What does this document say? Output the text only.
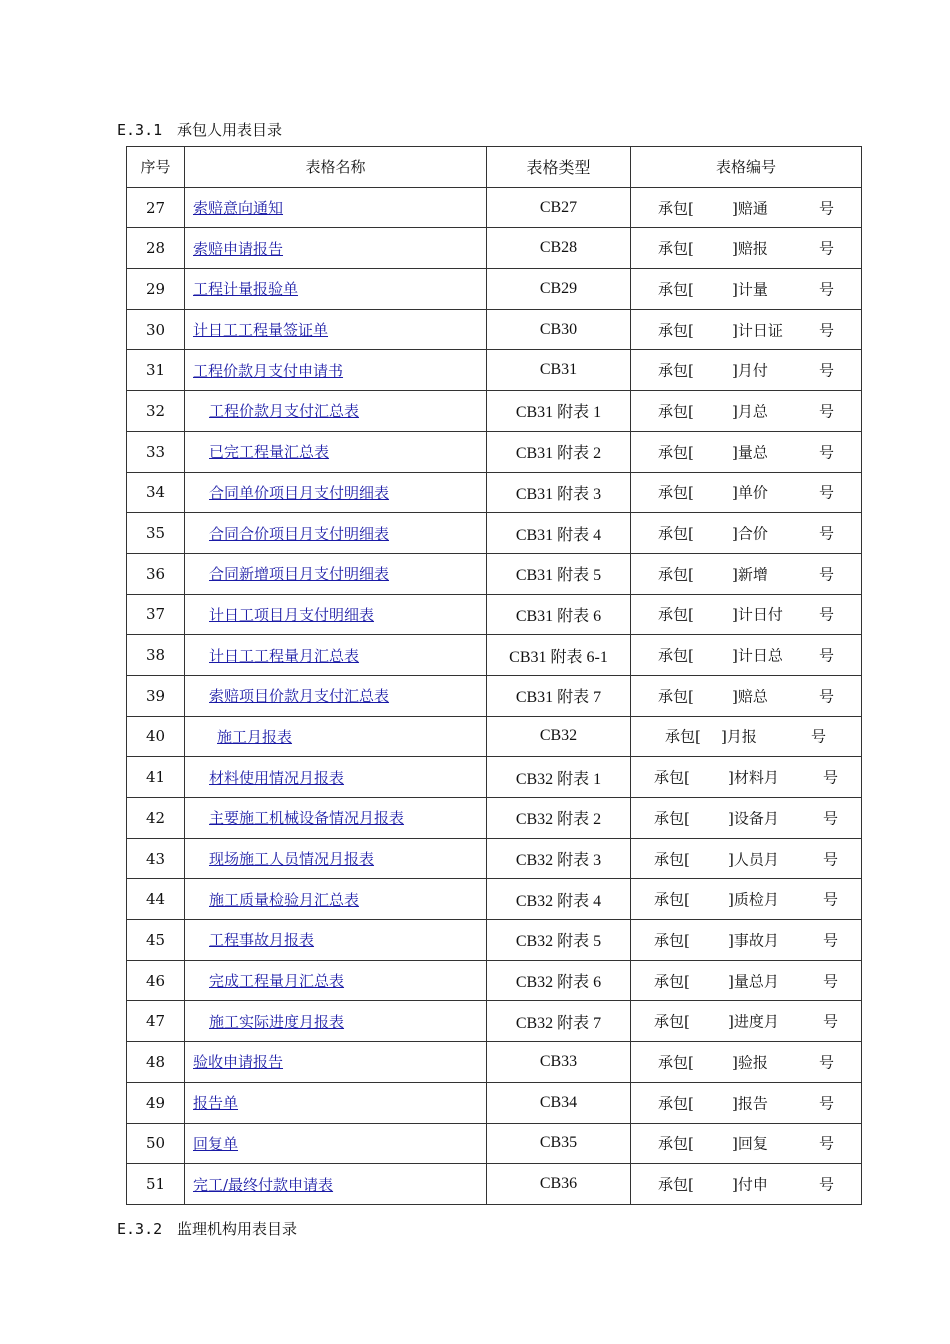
E.3.1 承包人用表目录
序号	表格名称	表格类型	表格编号
27	索赔意向通知	CB27	承包[ ]赔通 号

28	索赔申请报告	CB28	承包[ ]赔报 号

29	工程计量报验单	CB29	承包[ ]计量 号

30	计日工工程量签证单	CB30	承包[ ]计日证 号

31	工程价款月支付申请书	CB31	承包[ ]月付 号

32	工程价款月支付汇总表	CB31 附表 1	承包[ ]月总 号

33	已完工程量汇总表	CB31 附表 2	承包[ ]量总 号

34	合同单价项目月支付明细表	CB31 附表 3	承包[ ]单价 号

35	合同合价项目月支付明细表	CB31 附表 4	承包[ ]合价 号

36	合同新增项目月支付明细表	CB31 附表 5	承包[ ]新增 号

37	计日工项目月支付明细表	CB31 附表 6	承包[ ]计日付 号

38	计日工工程量月汇总表	CB31 附表 6-1	承包[ ]计日总 号

39	索赔项目价款月支付汇总表	CB31 附表 7	承包[ ]赔总 号

40	施工月报表	CB32	承包[ ]月报 号

41	材料使用情况月报表	CB32 附表 1	承包[ ]材料月 号

42	主要施工机械设备情况月报表	CB32 附表 2	承包[ ]设备月 号

43	现场施工人员情况月报表	CB32 附表 3	承包[ ]人员月 号

44	施工质量检验月汇总表	CB32 附表 4	承包[ ]质检月 号

45	工程事故月报表	CB32 附表 5	承包[ ]事故月 号

46	完成工程量月汇总表	CB32 附表 6	承包[ ]量总月 号

47	施工实际进度月报表	CB32 附表 7	承包[ ]进度月 号

48	验收申请报告	CB33	承包[ ]验报 号

49	报告单	CB34	承包[ ]报告 号

50	回复单	CB35	承包[ ]回复 号

51	完工/最终付款申请表	CB36	承包[ ]付申 号
E.3.2 监理机构用表目录
